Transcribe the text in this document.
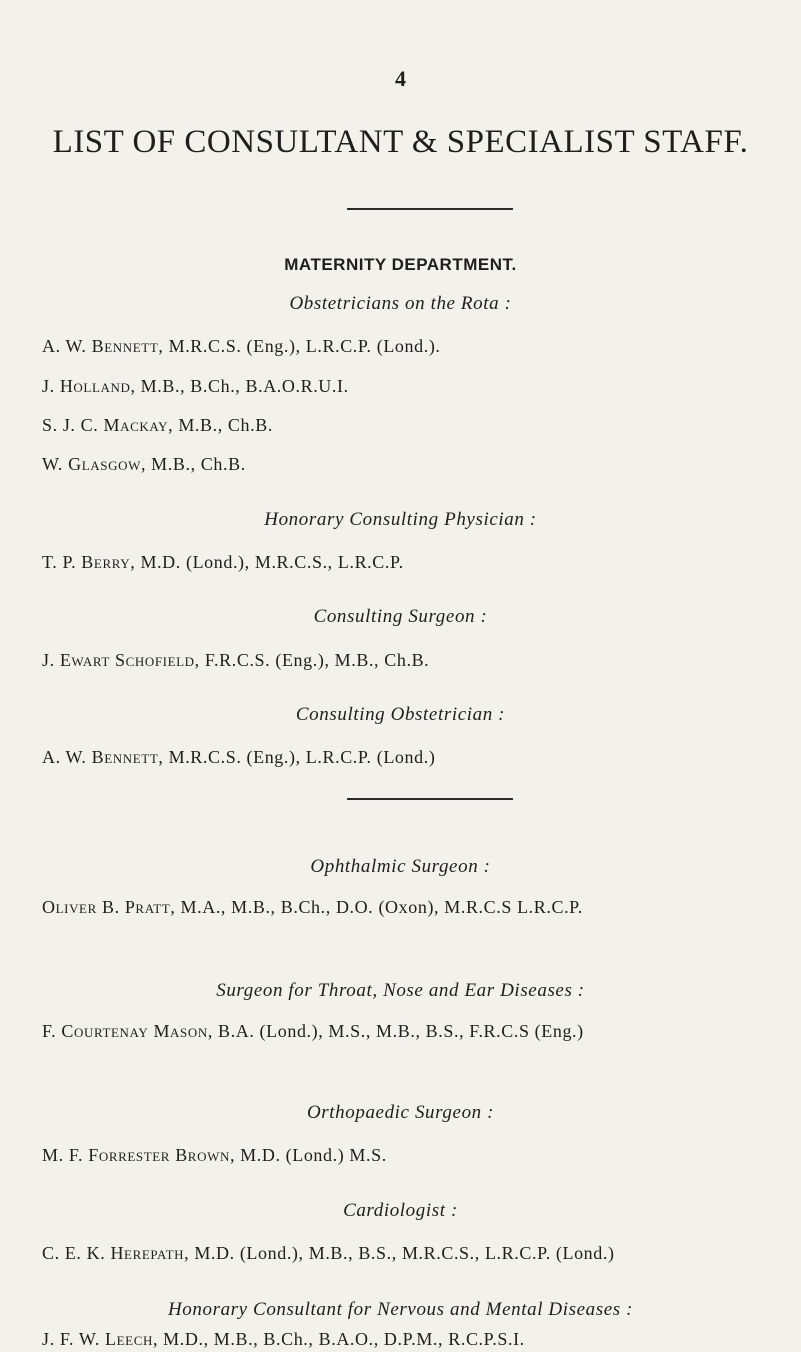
4
LIST OF CONSULTANT & SPECIALIST STAFF.
MATERNITY DEPARTMENT.
Obstetricians on the Rota :
A. W. Bennett, M.R.C.S. (Eng.), L.R.C.P. (Lond.).
J. Holland, M.B., B.Ch., B.A.O.R.U.I.
S. J. C. Mackay, M.B., Ch.B.
W. Glasgow, M.B., Ch.B.
Honorary Consulting Physician :
T. P. Berry, M.D. (Lond.), M.R.C.S., L.R.C.P.
Consulting Surgeon :
J. Ewart Schofield, F.R.C.S. (Eng.), M.B., Ch.B.
Consulting Obstetrician :
A. W. Bennett, M.R.C.S. (Eng.), L.R.C.P. (Lond.)
Ophthalmic Surgeon :
Oliver B. Pratt, M.A., M.B., B.Ch., D.O. (Oxon), M.R.C.S L.R.C.P.
Surgeon for Throat, Nose and Ear Diseases :
F. Courtenay Mason, B.A. (Lond.), M.S., M.B., B.S., F.R.C.S (Eng.)
Orthopaedic Surgeon :
M. F. Forrester Brown, M.D. (Lond.) M.S.
Cardiologist :
C. E. K. Herepath, M.D. (Lond.), M.B., B.S., M.R.C.S., L.R.C.P. (Lond.)
Honorary Consultant for Nervous and Mental Diseases :
J. F. W. Leech, M.D., M.B., B.Ch., B.A.O., D.P.M., R.C.P.S.I.
